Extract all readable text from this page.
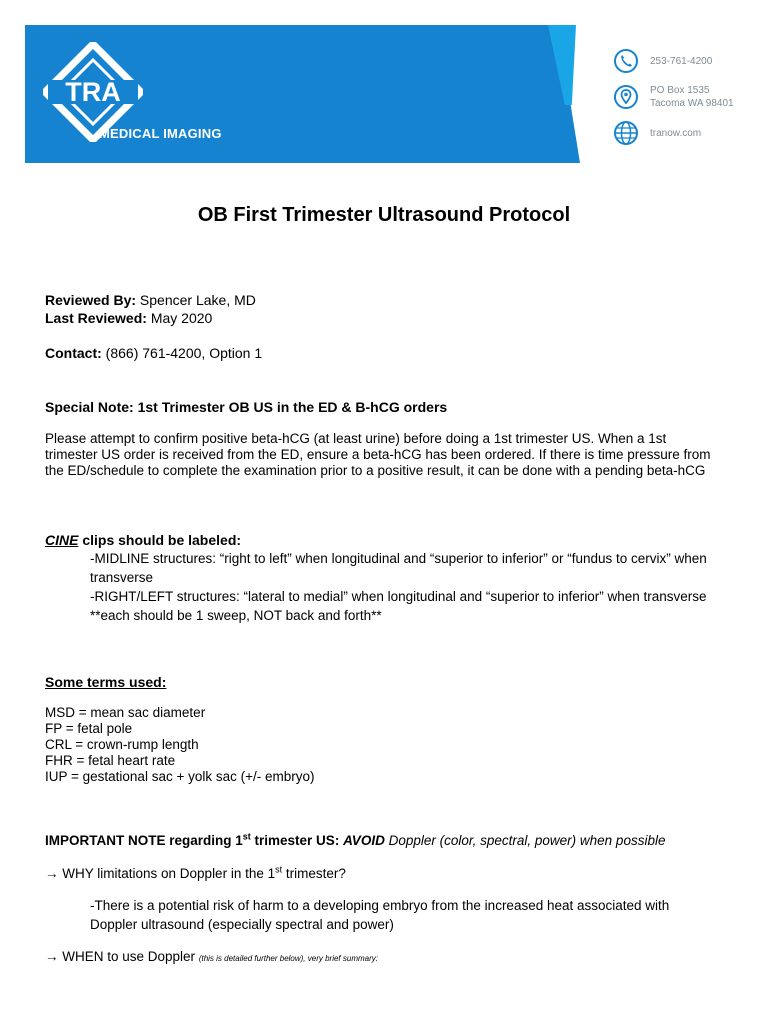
TRA
MEDICAL IMAGING
253-761-4200
PO Box 1535
Tacoma WA 98401
tranow.com
OB First Trimester Ultrasound Protocol
Reviewed By: Spencer Lake, MD
Last Reviewed: May 2020
Contact: (866) 761-4200, Option 1
Special Note: 1st Trimester OB US in the ED & B-hCG orders
Please attempt to confirm positive beta-hCG (at least urine) before doing a 1st trimester US. When a 1st trimester US order is received from the ED, ensure a beta-hCG has been ordered. If there is time pressure from the ED/schedule to complete the examination prior to a positive result, it can be done with a pending beta-hCG
CINE clips should be labeled:
-MIDLINE structures: “right to left” when longitudinal and “superior to inferior” or “fundus to cervix” when
transverse
-RIGHT/LEFT structures: “lateral to medial” when longitudinal and “superior to inferior” when transverse
**each should be 1 sweep, NOT back and forth**
Some terms used:
MSD = mean sac diameter
FP = fetal pole
CRL = crown-rump length
FHR = fetal heart rate
IUP = gestational sac + yolk sac (+/- embryo)
IMPORTANT NOTE regarding 1st trimester US: AVOID Doppler (color, spectral, power) when possible
→ WHY limitations on Doppler in the 1st trimester?
-There is a potential risk of harm to a developing embryo from the increased heat associated with
Doppler ultrasound (especially spectral and power)
→ WHEN to use Doppler (this is detailed further below), very brief summary:
